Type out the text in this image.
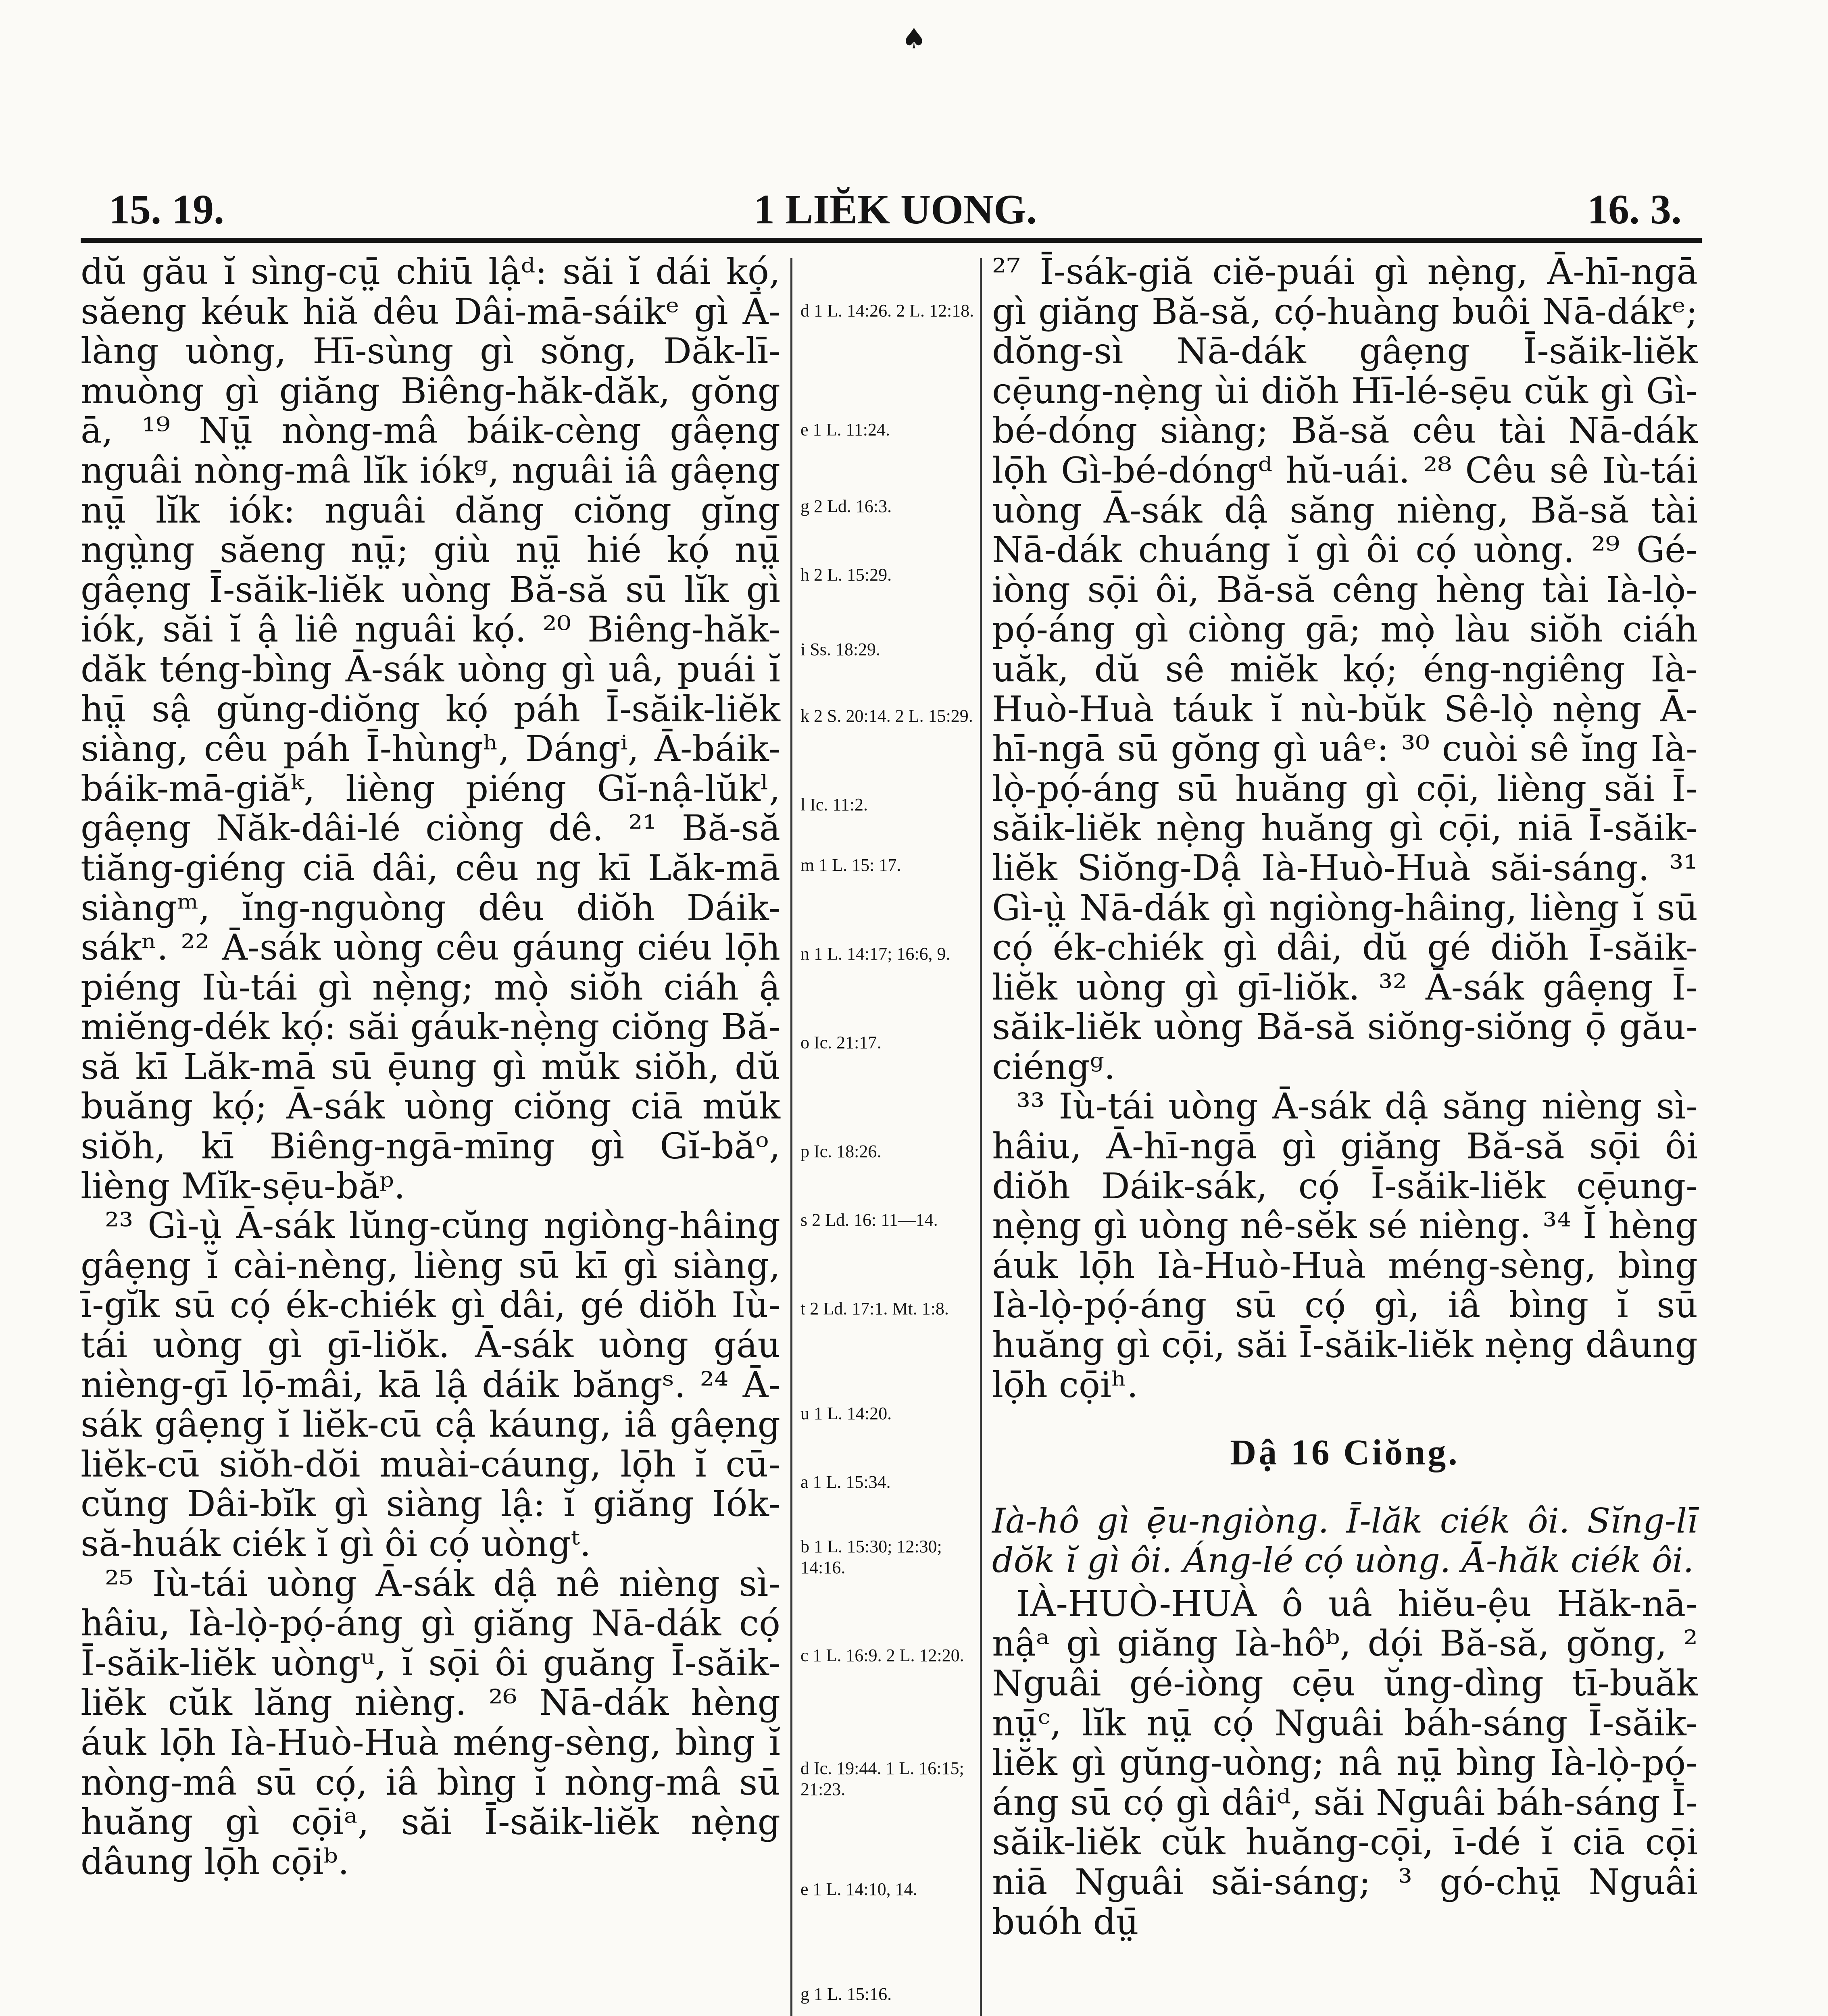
♠
15. 19.	1 LIĔK UONG.	16. 3.

dŭ gău ĭ sìng-cṳ̄ chiū lậᵈ: săi ĭ dái kọ́, săeng kéuk hiă dêu Dâi-mā-sáikᵉ gì Ā-làng uòng, Hī-sùng gì sŏng, Dăk-lī-muòng gì giăng Biêng-hăk-dăk, gŏng ā, ¹⁹ Nṳ̄ nòng-mâ báik-cèng gâẹng nguâi nòng-mâ lĭk iókᵍ, nguâi iâ gâẹng nṳ̄ lĭk iók: nguâi dăng ciŏng gĭng ngṳ̀ng săeng nṳ̄; giù nṳ̄ hié kọ́ nṳ̄ gâẹng Ī-săik-liĕk uòng Bă-să sū lĭk gì iók, săi ĭ ậ liê nguâi kọ́. ²⁰ Biêng-hăk-dăk téng-bìng Ā-sák uòng gì uâ, puái ĭ hṳ̄ sậ gŭng-diŏng kọ́ páh Ī-săik-liĕk siàng, cêu páh Ī-hùngʰ, Dángⁱ, Ā-báik-báik-mā-giăᵏ, lièng piéng Gĭ-nậ-lŭkˡ, gâẹng Năk-dâi-lé ciòng dê. ²¹ Bă-să tiăng-giéng ciā dâi, cêu ng kī Lăk-mā siàngᵐ, ĭng-nguòng dêu diŏh Dáik-sákⁿ. ²² Ā-sák uòng cêu gáung ciéu lọ̄h piéng Iù-tái gì nẹ̀ng; mọ̀ siŏh ciáh ậ miĕng-dék kọ́: săi gáuk-nẹ̀ng ciŏng Bă-să kī Lăk-mā sū ẹ̄ung gì mŭk siŏh, dŭ buăng kọ́; Ā-sák uòng ciŏng ciā mŭk siŏh, kī Biêng-ngā-mīng gì Gĭ-băᵒ, lièng Mĭk-sẹ̄u-băᵖ.

²³ Gì-ṳ̀ Ā-sák lŭng-cŭng ngiòng-hâing gâẹng ĭ cài-nèng, lièng sū kī gì siàng, ī-gĭk sū cọ́ ék-chiék gì dâi, gé diŏh Iù-tái uòng gì gī-liŏk. Ā-sák uòng gáu nièng-gī lọ̄-mâi, kā lậ dáik băngˢ. ²⁴ Ā-sák gâẹng ĭ liĕk-cū cậ káung, iâ gâẹng liĕk-cū siŏh-dŏi muài-cáung, lọ̄h ĭ cū-cŭng Dâi-bĭk gì siàng lậ: ĭ giăng Iók-să-huák ciék ĭ gì ôi cọ́ uòngᵗ.

²⁵ Iù-tái uòng Ā-sák dậ nê nièng sì-hâiu, Ià-lọ̀-pọ́-áng gì giăng Nā-dák cọ́ Ī-săik-liĕk uòngᵘ, ĭ sọ̄i ôi guăng Ī-săik-liĕk cŭk lăng nièng. ²⁶ Nā-dák hèng áuk lọ̄h Ià-Huò-Huà méng-sèng, bìng ĭ nòng-mâ sū cọ́, iâ bìng ĭ nòng-mâ sū huăng gì cọ̄iᵃ, săi Ī-săik-liĕk nẹ̀ng dâung lọ̄h cọ̄iᵇ.

d 1 L. 14:26. 2 L. 12:18.
e 1 L. 11:24.
g 2 Ld. 16:3.
h 2 L. 15:29.
i Ss. 18:29.
k 2 S. 20:14. 2 L. 15:29.
l Ic. 11:2.
m 1 L. 15: 17.
n 1 L. 14:17; 16:6, 9.
o Ic. 21:17.
p Ic. 18:26.
s 2 Ld. 16: 11—14.
t 2 Ld. 17:1. Mt. 1:8.
u 1 L. 14:20.
a 1 L. 15:34.
b 1 L. 15:30; 12:30; 14:16.
c 1 L. 16:9. 2 L. 12:20.
d Ic. 19:44. 1 L. 16:15; 21:23.
e 1 L. 14:10, 14.
g 1 L. 15:16.

²⁷ Ī-sák-giă ciĕ-puái gì nẹ̀ng, Ā-hī-ngā gì giăng Bă-să, cọ́-huàng buôi Nā-dákᵉ; dŏng-sì Nā-dák gâẹng Ī-săik-liĕk cẹ̄ung-nẹ̀ng ùi diŏh Hī-lé-sẹ̄u cŭk gì Gì-bé-dóng siàng; Bă-să cêu tài Nā-dák lọ̄h Gì-bé-dóngᵈ hŭ-uái. ²⁸ Cêu sê Iù-tái uòng Ā-sák dậ săng nièng, Bă-să tài Nā-dák chuáng ĭ gì ôi cọ́ uòng. ²⁹ Gé-iòng sọ̄i ôi, Bă-să cêng hèng tài Ià-lọ̀-pọ́-áng gì ciòng gā; mọ̀ làu siŏh ciáh uăk, dŭ sê miĕk kọ́; éng-ngiêng Ià-Huò-Huà táuk ĭ nù-bŭk Sê-lọ̀ nẹ̀ng Ā-hī-ngā sū gŏng gì uâᵉ: ³⁰ cuòi sê ĭng Ià-lọ̀-pọ́-áng sū huăng gì cọ̄i, lièng săi Ī-săik-liĕk nẹ̀ng huăng gì cọ̄i, niā Ī-săik-liĕk Siŏng-Dậ Ià-Huò-Huà săi-sáng. ³¹ Gì-ṳ̀ Nā-dák gì ngiòng-hâing, lièng ĭ sū cọ́ ék-chiék gì dâi, dŭ gé diŏh Ī-săik-liĕk uòng gì gī-liŏk. ³² Ā-sák gâẹng Ī-săik-liĕk uòng Bă-să siŏng-siŏng ọ̄ gău-ciéngᵍ.

³³ Iù-tái uòng Ā-sák dậ săng nièng sì-hâiu, Ā-hī-ngā gì giăng Bă-să sọ̄i ôi diŏh Dáik-sák, cọ́ Ī-săik-liĕk cẹ̄ung-nẹ̀ng gì uòng nê-sĕk sé nièng. ³⁴ Ĭ hèng áuk lọ̄h Ià-Huò-Huà méng-sèng, bìng Ià-lọ̀-pọ́-áng sū cọ́ gì, iâ bìng ĭ sū huăng gì cọ̄i, săi Ī-săik-liĕk nẹ̀ng dâung lọ̄h cọ̄iʰ.

Dậ 16 Ciŏng.

Ià-hô gì ẹ̄u-ngiòng. Ī-lăk ciék ôi. Sĭng-lī dŏk ĭ gì ôi. Áng-lé cọ́ uòng. Ā-hăk ciék ôi.

IÀ-HUÒ-HUÀ ô uâ hiĕu-ệu Hăk-nā-nậᵃ gì giăng Ià-hôᵇ, dọ́i Bă-să, gŏng, ² Nguâi gé-iòng cẹ̄u ŭng-dìng tī-buăk nṳ̄ᶜ, lĭk nṳ̄ cọ́ Nguâi báh-sáng Ī-săik-liĕk gì gŭng-uòng; nâ nṳ̄ bìng Ià-lọ̀-pọ́-áng sū cọ́ gì dâiᵈ, săi Nguâi báh-sáng Ī-săik-liĕk cŭk huăng-cọ̄i, ī-dé ĭ ciā cọ̄i niā Nguâi săi-sáng; ³ gó-chṳ̄ Nguâi buóh dṳ̄
